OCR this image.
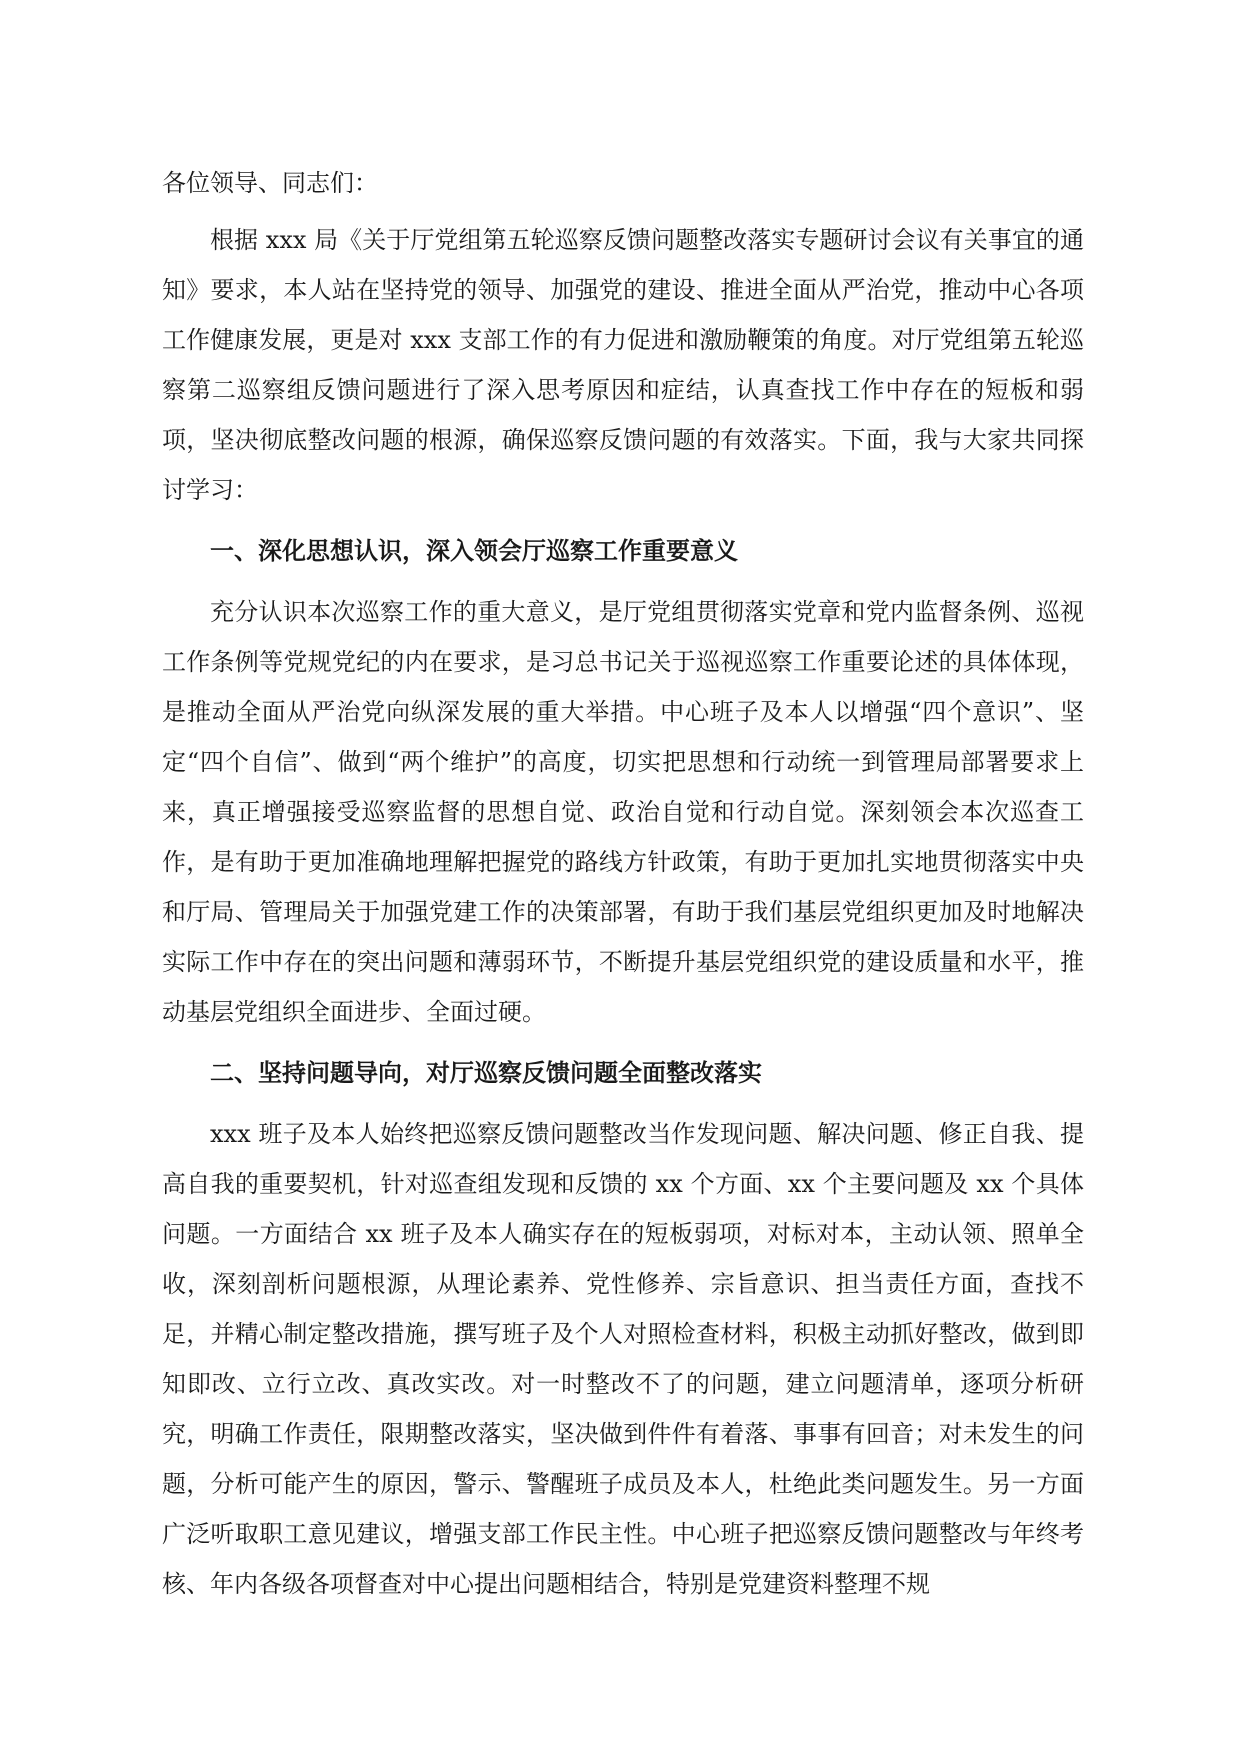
各位领导、同志们：

根据 xxx 局《关于厅党组第五轮巡察反馈问题整改落实专题研讨会议有关事宜的通知》要求，本人站在坚持党的领导、加强党的建设、推进全面从严治党，推动中心各项工作健康发展，更是对 xxx 支部工作的有力促进和激励鞭策的角度。对厅党组第五轮巡察第二巡察组反馈问题进行了深入思考原因和症结，认真查找工作中存在的短板和弱项，坚决彻底整改问题的根源，确保巡察反馈问题的有效落实。下面，我与大家共同探讨学习：

一、深化思想认识，深入领会厅巡察工作重要意义

充分认识本次巡察工作的重大意义，是厅党组贯彻落实党章和党内监督条例、巡视工作条例等党规党纪的内在要求，是习总书记关于巡视巡察工作重要论述的具体体现，是推动全面从严治党向纵深发展的重大举措。中心班子及本人以增强“四个意识”、坚定“四个自信”、做到“两个维护”的高度，切实把思想和行动统一到管理局部署要求上来，真正增强接受巡察监督的思想自觉、政治自觉和行动自觉。深刻领会本次巡查工作，是有助于更加准确地理解把握党的路线方针政策，有助于更加扎实地贯彻落实中央和厅局、管理局关于加强党建工作的决策部署，有助于我们基层党组织更加及时地解决实际工作中存在的突出问题和薄弱环节，不断提升基层党组织党的建设质量和水平，推动基层党组织全面进步、全面过硬。

二、坚持问题导向，对厅巡察反馈问题全面整改落实

xxx 班子及本人始终把巡察反馈问题整改当作发现问题、解决问题、修正自我、提高自我的重要契机，针对巡查组发现和反馈的 xx 个方面、xx 个主要问题及 xx 个具体问题。一方面结合 xx 班子及本人确实存在的短板弱项，对标对本，主动认领、照单全收，深刻剖析问题根源，从理论素养、党性修养、宗旨意识、担当责任方面，查找不足，并精心制定整改措施，撰写班子及个人对照检查材料，积极主动抓好整改，做到即知即改、立行立改、真改实改。对一时整改不了的问题，建立问题清单，逐项分析研究，明确工作责任，限期整改落实，坚决做到件件有着落、事事有回音；对未发生的问题，分析可能产生的原因，警示、警醒班子成员及本人，杜绝此类问题发生。另一方面广泛听取职工意见建议，增强支部工作民主性。中心班子把巡察反馈问题整改与年终考核、年内各级各项督查对中心提出问题相结合，特别是党建资料整理不规
